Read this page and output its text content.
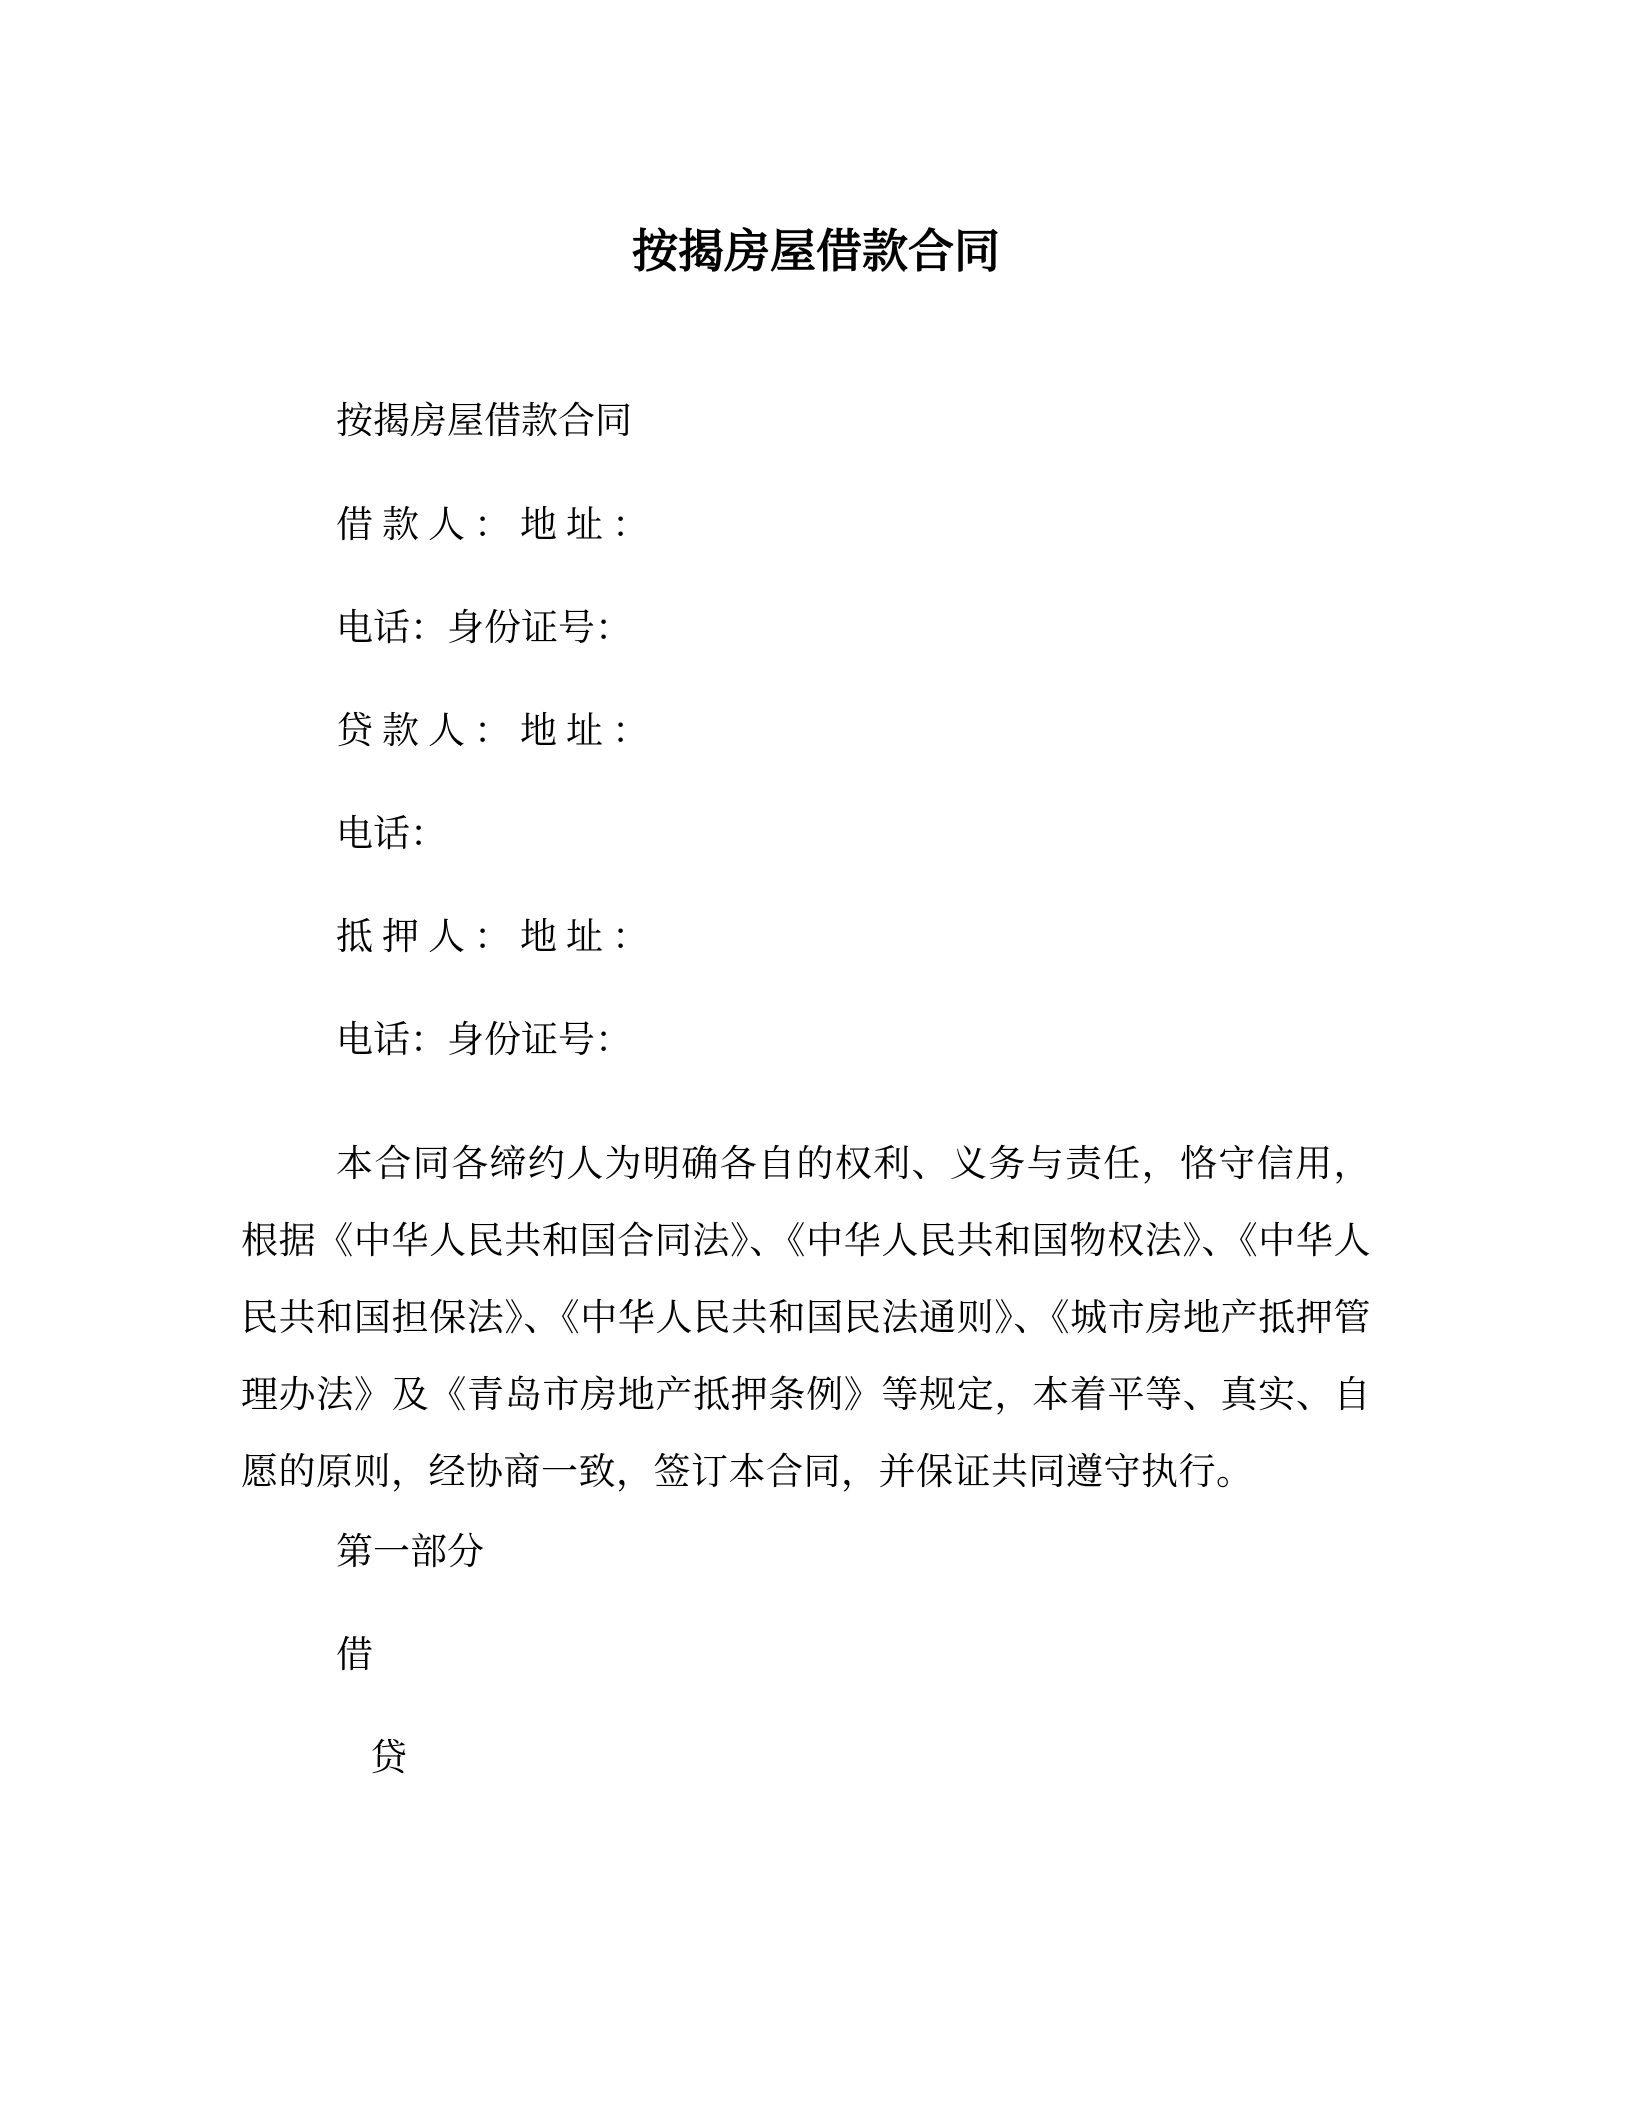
按揭房屋借款合同
按揭房屋借款合同
借款人：地址：
电话：身份证号：
贷款人：地址：
电话：
抵押人：地址：
电话：身份证号：
本合同各缔约人为明确各自的权利、义务与责任，恪守信用，根据《中华人民共和国合同法》、《中华人民共和国物权法》、《中华人民共和国担保法》、《中华人民共和国民法通则》、《城市房地产抵押管理办法》及《青岛市房地产抵押条例》等规定，本着平等、真实、自愿的原则，经协商一致，签订本合同，并保证共同遵守执行。
第一部分
借
贷
